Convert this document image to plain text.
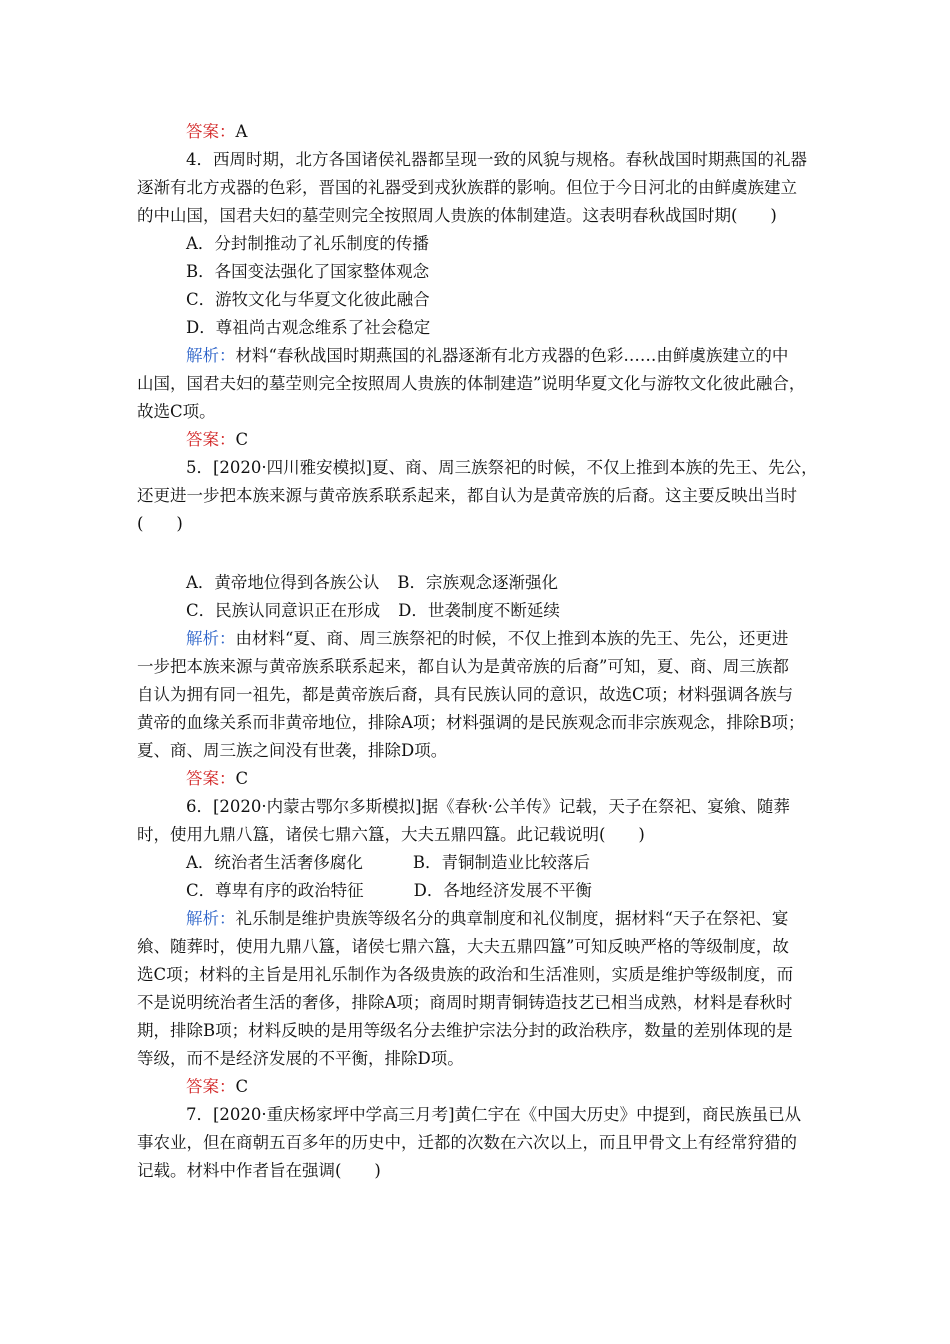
答案：A
4．西周时期，北方各国诸侯礼器都呈现一致的风貌与规格。春秋战国时期燕国的礼器
逐渐有北方戎器的色彩，晋国的礼器受到戎狄族群的影响。但位于今日河北的由鲜虞族建立
的中山国，国君夫妇的墓茔则完全按照周人贵族的体制建造。这表明春秋战国时期(　　)
A．分封制推动了礼乐制度的传播
B．各国变法强化了国家整体观念
C．游牧文化与华夏文化彼此融合
D．尊祖尚古观念维系了社会稳定
解析：材料“春秋战国时期燕国的礼器逐渐有北方戎器的色彩……由鲜虞族建立的中
山国，国君夫妇的墓茔则完全按照周人贵族的体制建造”说明华夏文化与游牧文化彼此融合，
故选C项。
答案：C
5．[2020·四川雅安模拟]夏、商、周三族祭祀的时候，不仅上推到本族的先王、先公，
还更进一步把本族来源与黄帝族系联系起来，都自认为是黄帝族的后裔。这主要反映出当时
(　　)
A．黄帝地位得到各族公认 B．宗族观念逐渐强化
C．民族认同意识正在形成 D．世袭制度不断延续
解析：由材料“夏、商、周三族祭祀的时候，不仅上推到本族的先王、先公，还更进
一步把本族来源与黄帝族系联系起来，都自认为是黄帝族的后裔”可知，夏、商、周三族都
自认为拥有同一祖先，都是黄帝族后裔，具有民族认同的意识，故选C项；材料强调各族与
黄帝的血缘关系而非黄帝地位，排除A项；材料强调的是民族观念而非宗族观念，排除B项；
夏、商、周三族之间没有世袭，排除D项。
答案：C
6．[2020·内蒙古鄂尔多斯模拟]据《春秋·公羊传》记载，天子在祭祀、宴飨、随葬
时，使用九鼎八簋，诸侯七鼎六簋，大夫五鼎四簋。此记载说明(　　)
A．统治者生活奢侈腐化	B．青铜制造业比较落后
C．尊卑有序的政治特征	D．各地经济发展不平衡
解析：礼乐制是维护贵族等级名分的典章制度和礼仪制度，据材料“天子在祭祀、宴
飨、随葬时，使用九鼎八簋，诸侯七鼎六簋，大夫五鼎四簋”可知反映严格的等级制度，故
选C项；材料的主旨是用礼乐制作为各级贵族的政治和生活准则，实质是维护等级制度，而
不是说明统治者生活的奢侈，排除A项；商周时期青铜铸造技艺已相当成熟，材料是春秋时
期，排除B项；材料反映的是用等级名分去维护宗法分封的政治秩序，数量的差别体现的是
等级，而不是经济发展的不平衡，排除D项。
答案：C
7．[2020·重庆杨家坪中学高三月考]黄仁宇在《中国大历史》中提到，商民族虽已从
事农业，但在商朝五百多年的历史中，迁都的次数在六次以上，而且甲骨文上有经常狩猎的
记载。材料中作者旨在强调(　　)
